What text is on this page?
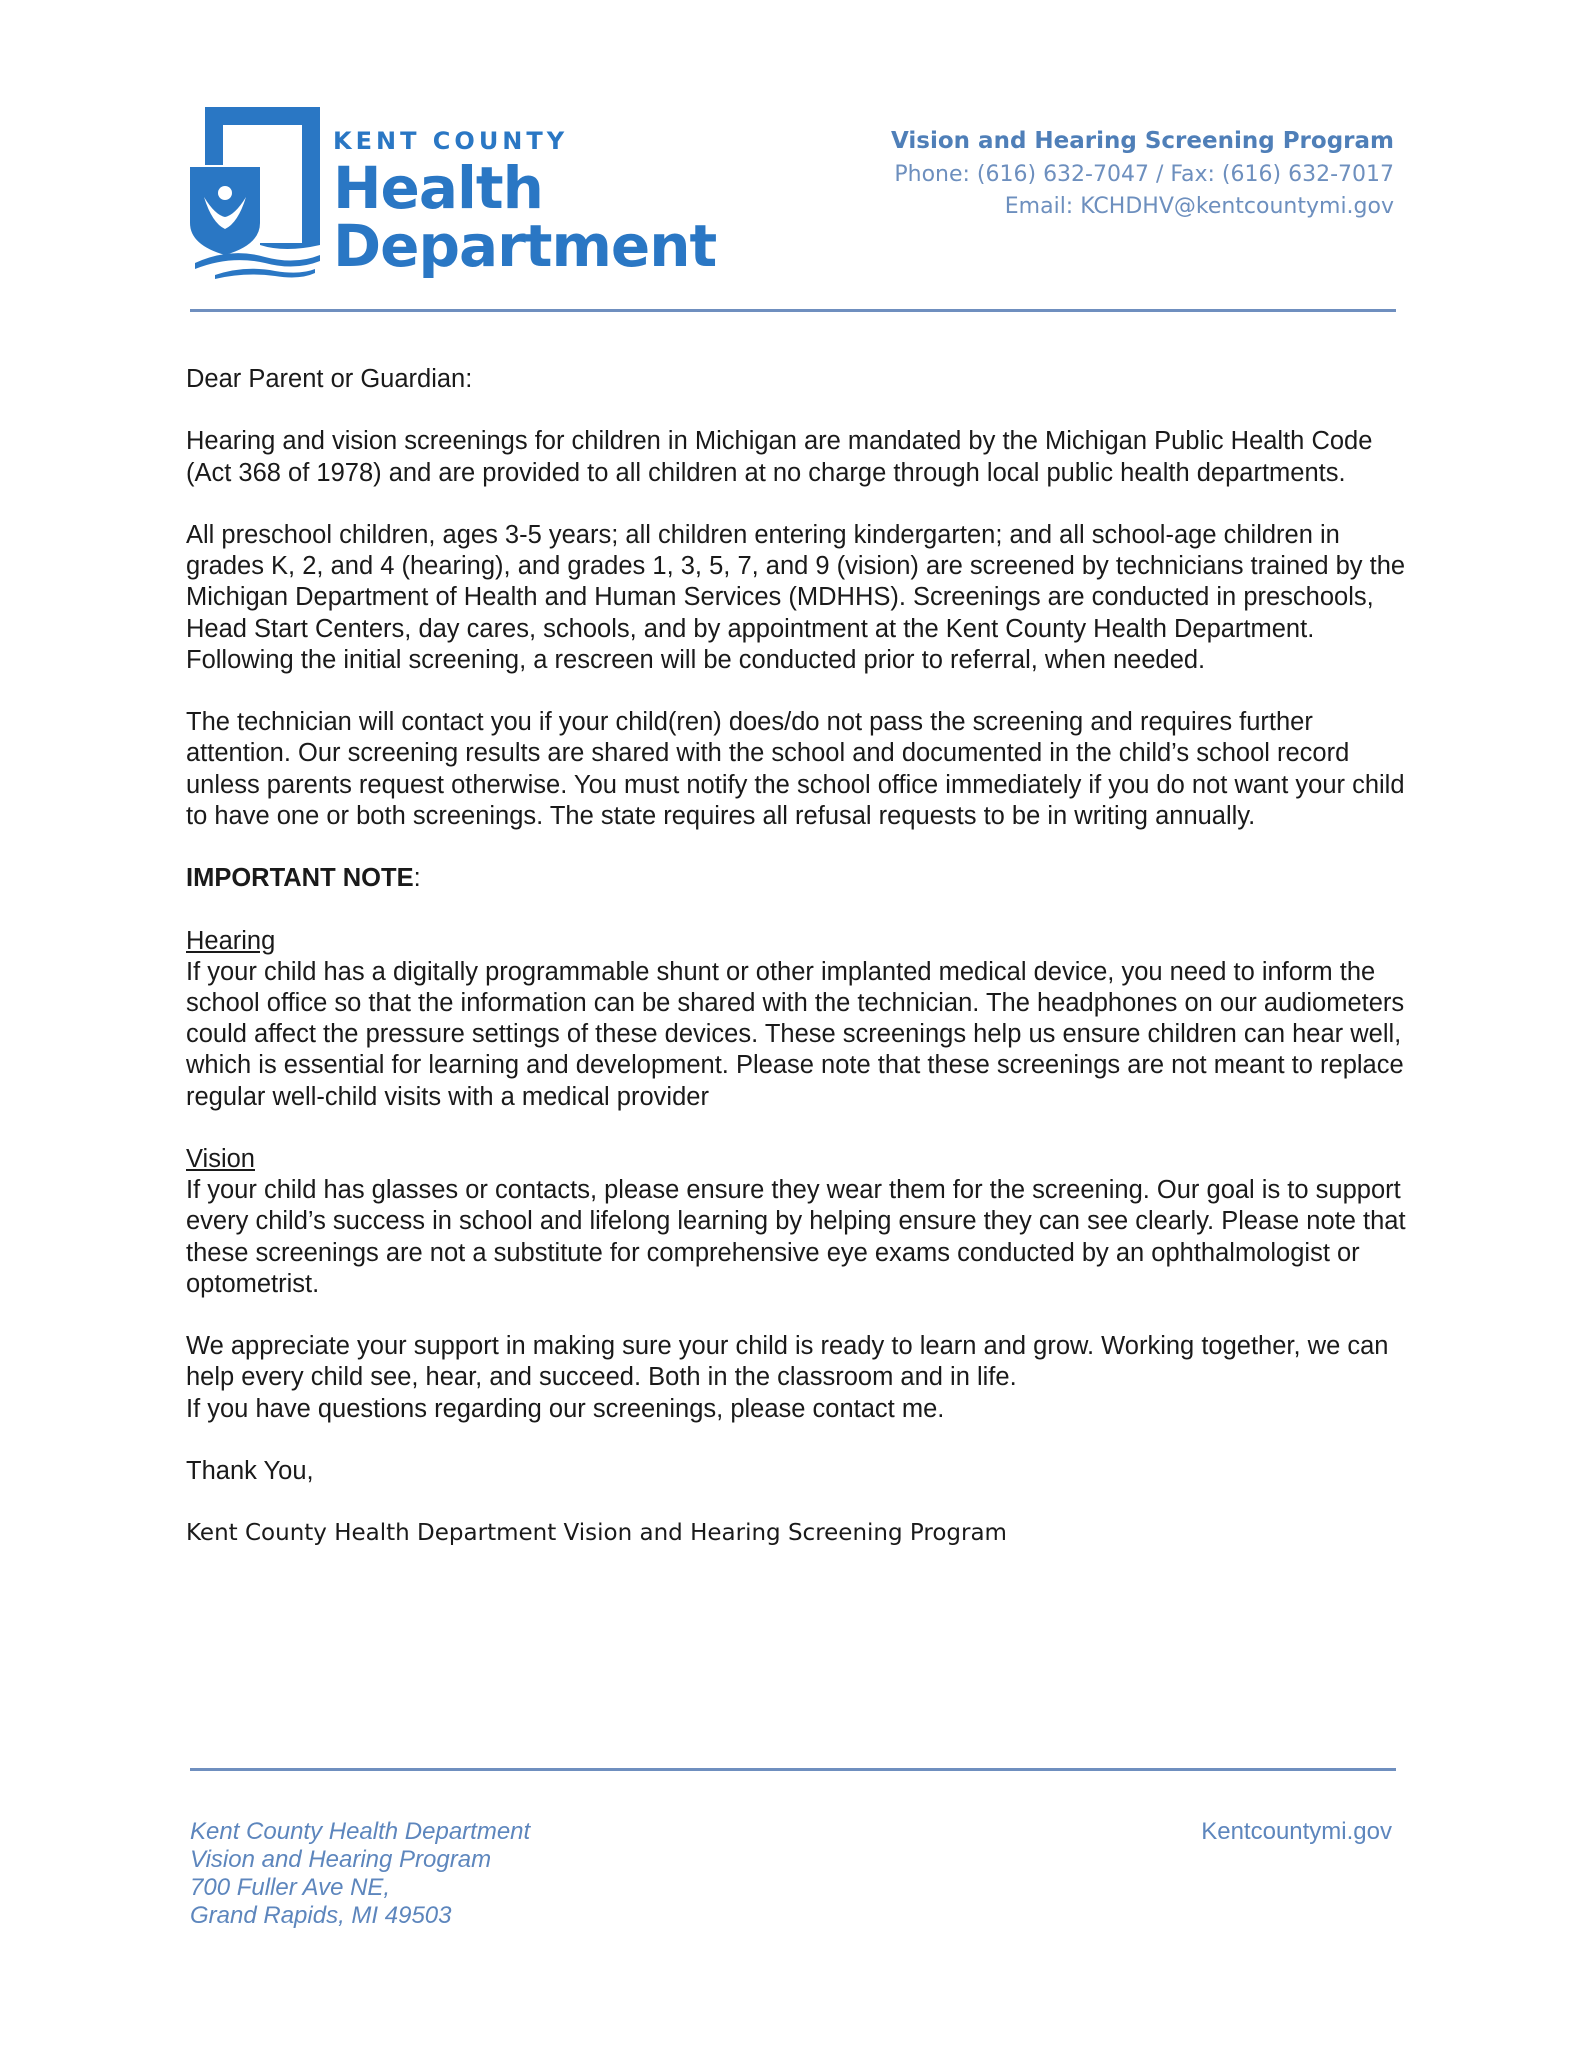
KENT COUNTY
Health
Department
Vision and Hearing Screening Program
Phone: (616) 632-7047 / Fax: (616) 632-7017
Email: KCHDHV@kentcountymi.gov

Dear Parent or Guardian:

Hearing and vision screenings for children in Michigan are mandated by the Michigan Public Health Code (Act 368 of 1978) and are provided to all children at no charge through local public health departments.

All preschool children, ages 3-5 years; all children entering kindergarten; and all school-age children in grades K, 2, and 4 (hearing), and grades 1, 3, 5, 7, and 9 (vision) are screened by technicians trained by the Michigan Department of Health and Human Services (MDHHS). Screenings are conducted in preschools, Head Start Centers, day cares, schools, and by appointment at the Kent County Health Department. Following the initial screening, a rescreen will be conducted prior to referral, when needed.

The technician will contact you if your child(ren) does/do not pass the screening and requires further attention. Our screening results are shared with the school and documented in the child’s school record unless parents request otherwise. You must notify the school office immediately if you do not want your child to have one or both screenings. The state requires all refusal requests to be in writing annually.

IMPORTANT NOTE:

Hearing
If your child has a digitally programmable shunt or other implanted medical device, you need to inform the school office so that the information can be shared with the technician. The headphones on our audiometers could affect the pressure settings of these devices. These screenings help us ensure children can hear well, which is essential for learning and development. Please note that these screenings are not meant to replace regular well-child visits with a medical provider

Vision
If your child has glasses or contacts, please ensure they wear them for the screening. Our goal is to support every child’s success in school and lifelong learning by helping ensure they can see clearly. Please note that these screenings are not a substitute for comprehensive eye exams conducted by an ophthalmologist or optometrist.

We appreciate your support in making sure your child is ready to learn and grow. Working together, we can help every child see, hear, and succeed. Both in the classroom and in life.
If you have questions regarding our screenings, please contact me.

Thank You,

Kent County Health Department Vision and Hearing Screening Program

Kent County Health Department
Vision and Hearing Program
700 Fuller Ave NE,
Grand Rapids, MI 49503
Kentcountymi.gov
